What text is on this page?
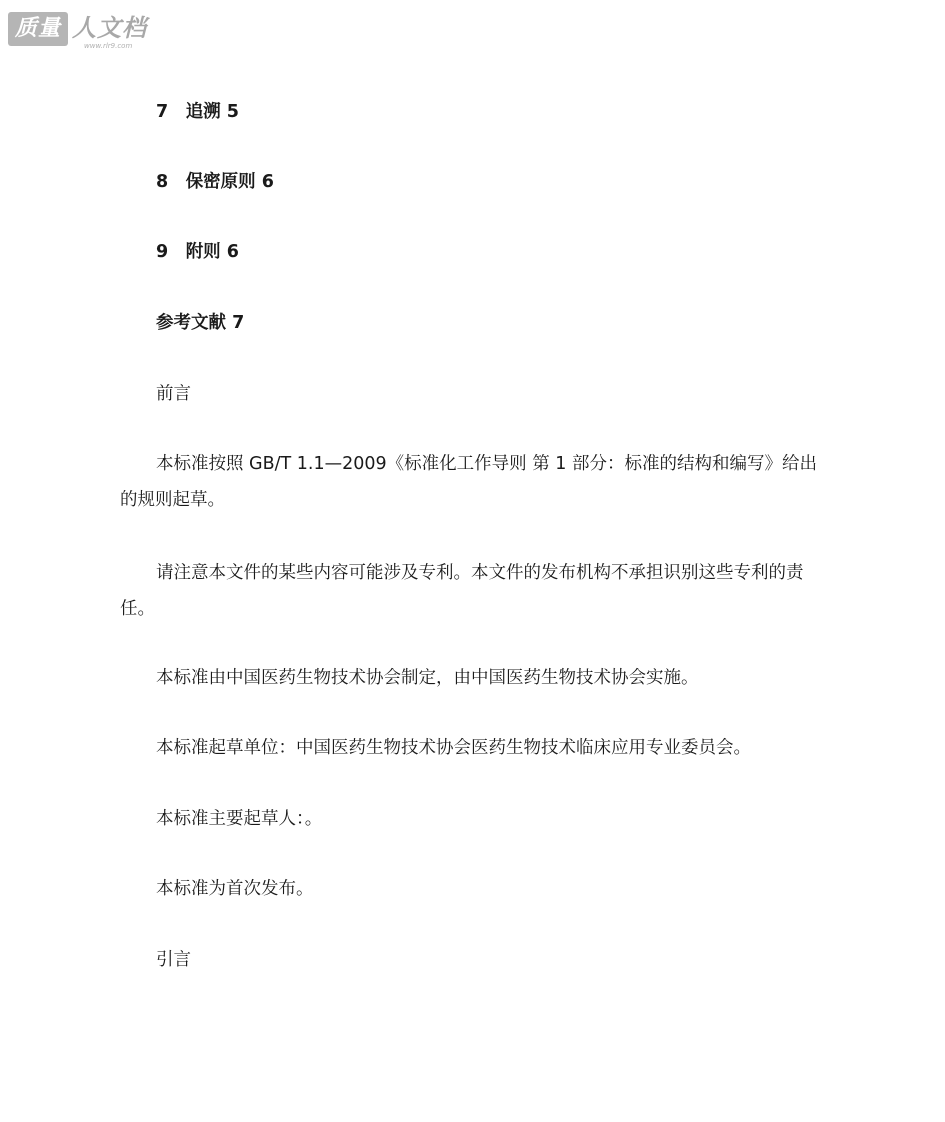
质量 人文档
www.rlr9.com
7　 追溯 5
8　 保密原则 6
9　 附则 6
参考文献 7
前言
本标准按照 GB/T 1.1—2009《标准化工作导则 第 1 部分：标准的结构和编写》给出的规则起草。
请注意本文件的某些内容可能涉及专利。本文件的发布机构不承担识别这些专利的责任。
本标准由中国医药生物技术协会制定，由中国医药生物技术协会实施。
本标准起草单位：中国医药生物技术协会医药生物技术临床应用专业委员会。
本标准主要起草人：。
本标准为首次发布。
引言
